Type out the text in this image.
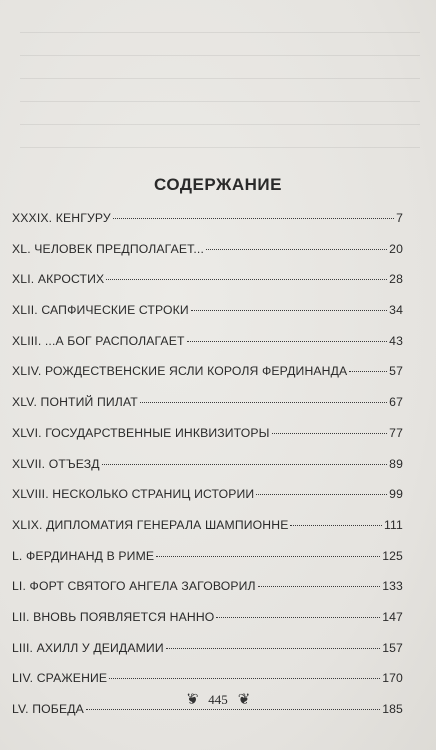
СОДЕРЖАНИЕ
XXXIX. КЕНГУРУ	7
XL. ЧЕЛОВЕК ПРЕДПОЛАГАЕТ...	20
XLI. АКРОСТИХ	28
XLII. САПФИЧЕСКИЕ СТРОКИ	34
XLIII. ...А БОГ РАСПОЛАГАЕТ	43
XLIV. РОЖДЕСТВЕНСКИЕ ЯСЛИ КОРОЛЯ ФЕРДИНАНДА	57
XLV. ПОНТИЙ ПИЛАТ	67
XLVI. ГОСУДАРСТВЕННЫЕ ИНКВИЗИТОРЫ	77
XLVII. ОТЪЕЗД	89
XLVIII. НЕСКОЛЬКО СТРАНИЦ ИСТОРИИ	99
XLIX. ДИПЛОМАТИЯ ГЕНЕРАЛА ШАМПИОННЕ	111
L. ФЕРДИНАНД В РИМЕ	125
LI. ФОРТ СВЯТОГО АНГЕЛА ЗАГОВОРИЛ	133
LII. ВНОВЬ ПОЯВЛЯЕТСЯ НАННО	147
LIII. АХИЛЛ У ДЕИДАМИИ	157
LIV. СРАЖЕНИЕ	170
LV. ПОБЕДА	185
❦ 445 ❦
